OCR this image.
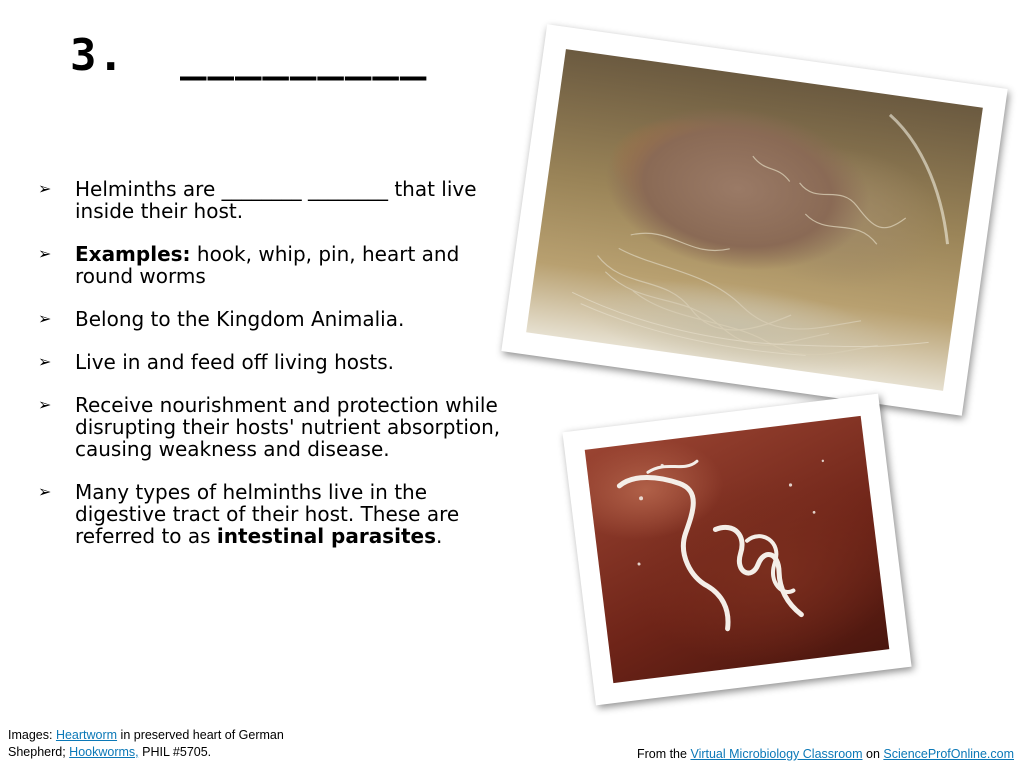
3.  _________
➢ Helminths are ________ ________ that live inside their host.
➢ Examples: hook, whip, pin, heart and round worms
➢ Belong to the Kingdom Animalia.
➢ Live in and feed off living hosts.
➢ Receive nourishment and protection while disrupting their hosts' nutrient absorption, causing weakness and disease.
➢ Many types of helminths live in the digestive tract of their host. These are referred to as intestinal parasites.
Images: Heartworm in preserved heart of German Shepherd; Hookworms, PHIL #5705.	From the Virtual Microbiology Classroom on ScienceProfOnline.com
